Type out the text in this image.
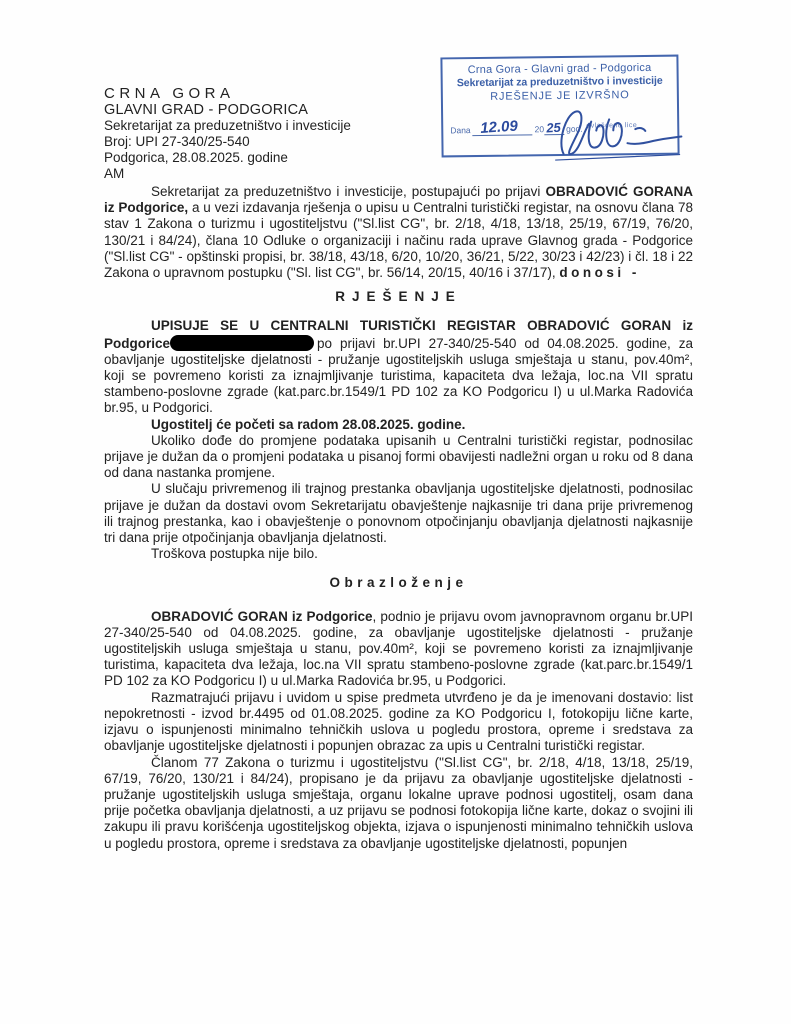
CRNA GORA
GLAVNI GRAD - PODGORICA
Sekretarijat za preduzetništvo i investicije
Broj: UPI 27-340/25-540
Podgorica, 28.08.2025. godine
AM
Crna Gora - Glavni grad - Podgorica
Sekretarijat za preduzetništvo i investicije
RJEŠENJE JE IZVRŠNO
Dana 12.09 20 25 god. ovlašćeno lice

Sekretarijat za preduzetništvo i investicije, postupajući po prijavi OBRADOVIĆ GORANA iz Podgorice, a u vezi izdavanja rješenja o upisu u Centralni turistički registar, na osnovu člana 78 stav 1 Zakona o turizmu i ugostiteljstvu ("Sl.list CG", br. 2/18, 4/18, 13/18, 25/19, 67/19, 76/20, 130/21 i 84/24), člana 10 Odluke o organizaciji i načinu rada uprave Glavnog grada - Podgorice ("Sl.list CG" - opštinski propisi, br. 38/18, 43/18, 6/20, 10/20, 36/21, 5/22, 30/23 i 42/23) i čl. 18 i 22 Zakona o upravnom postupku ("Sl. list CG", br. 56/14, 20/15, 40/16 i 37/17), donosi -

RJEŠENJE

UPISUJE SE U CENTRALNI TURISTIČKI REGISTAR OBRADOVIĆ GORAN iz Podgorice	po prijavi br.UPI 27-340/25-540 od 04.08.2025. godine, za obavljanje ugostiteljske djelatnosti - pružanje ugostiteljskih usluga smještaja u stanu, pov.40m², koji se povremeno koristi za iznajmljivanje turistima, kapaciteta dva ležaja, loc.na VII spratu stambeno-poslovne zgrade (kat.parc.br.1549/1 PD 102 za KO Podgoricu I) u ul.Marka Radovića br.95, u Podgorici.

Ugostitelj će početi sa radom 28.08.2025. godine.

Ukoliko dođe do promjene podataka upisanih u Centralni turistički registar, podnosilac prijave je dužan da o promjeni podataka u pisanoj formi obavijesti nadležni organ u roku od 8 dana od dana nastanka promjene.

U slučaju privremenog ili trajnog prestanka obavljanja ugostiteljske djelatnosti, podnosilac prijave je dužan da dostavi ovom Sekretarijatu obavještenje najkasnije tri dana prije privremenog ili trajnog prestanka, kao i obavještenje o ponovnom otpočinjanju obavljanja djelatnosti najkasnije tri dana prije otpočinjanja obavljanja djelatnosti.

Troškova postupka nije bilo.

Obrazloženje

OBRADOVIĆ GORAN iz Podgorice, podnio je prijavu ovom javnopravnom organu br.UPI 27-340/25-540 od 04.08.2025. godine, za obavljanje ugostiteljske djelatnosti - pružanje ugostiteljskih usluga smještaja u stanu, pov.40m², koji se povremeno koristi za iznajmljivanje turistima, kapaciteta dva ležaja, loc.na VII spratu stambeno-poslovne zgrade (kat.parc.br.1549/1 PD 102 za KO Podgoricu I) u ul.Marka Radovića br.95, u Podgorici.

Razmatrajući prijavu i uvidom u spise predmeta utvrđeno je da je imenovani dostavio: list nepokretnosti - izvod br.4495 od 01.08.2025. godine za KO Podgoricu I, fotokopiju lične karte, izjavu o ispunjenosti minimalno tehničkih uslova u pogledu prostora, opreme i sredstava za obavljanje ugostiteljske djelatnosti i popunjen obrazac za upis u Centralni turistički registar.

Članom 77 Zakona o turizmu i ugostiteljstvu ("Sl.list CG", br. 2/18, 4/18, 13/18, 25/19, 67/19, 76/20, 130/21 i 84/24), propisano je da prijavu za obavljanje ugostiteljske djelatnosti - pružanje ugostiteljskih usluga smještaja, organu lokalne uprave podnosi ugostitelj, osam dana prije početka obavljanja djelatnosti, a uz prijavu se podnosi fotokopija lične karte, dokaz o svojini ili zakupu ili pravu korišćenja ugostiteljskog objekta, izjava o ispunjenosti minimalno tehničkih uslova u pogledu prostora, opreme i sredstava za obavljanje ugostiteljske djelatnosti, popunjen
